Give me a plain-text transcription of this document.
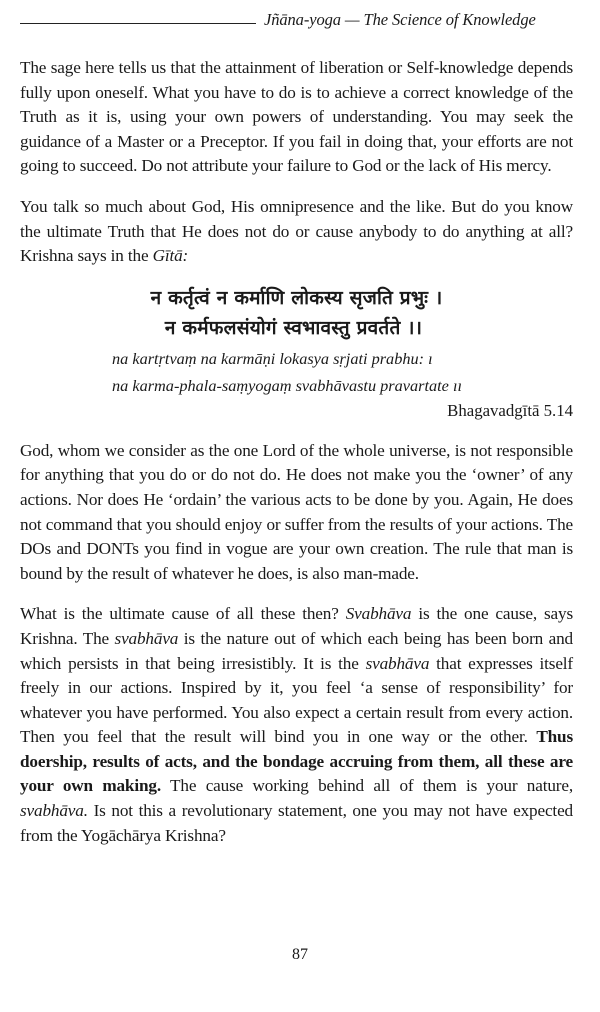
Jñāna-yoga — The Science of Knowledge

The sage here tells us that the attainment of liberation or Self-knowledge depends fully upon oneself. What you have to do is to achieve a correct knowledge of the Truth as it is, using your own powers of understanding. You may seek the guidance of a Master or a Preceptor. If you fail in doing that, your efforts are not going to succeed. Do not attribute your failure to God or the lack of His mercy.

You talk so much about God, His omnipresence and the like. But do you know the ultimate Truth that He does not do or cause anybody to do anything at all? Krishna says in the Gītā:

न कर्तृत्वं न कर्माणि लोकस्य सृजति प्रभुः ।
न कर्मफलसंयोगं स्वभावस्तु प्रवर्तते ।।
na kartṛtvaṃ na karmāṇi lokasya sṛjati prabhu: ı
na karma-phala-saṃyogaṃ svabhāvastu pravartate ıı
Bhagavadgītā 5.14

God, whom we consider as the one Lord of the whole universe, is not responsible for anything that you do or do not do. He does not make you the ‘owner’ of any actions. Nor does He ‘ordain’ the various acts to be done by you. Again, He does not command that you should enjoy or suffer from the results of your actions. The DOs and DONTs you find in vogue are your own creation. The rule that man is bound by the result of whatever he does, is also man-made.

What is the ultimate cause of all these then? Svabhāva is the one cause, says Krishna. The svabhāva is the nature out of which each being has been born and which persists in that being irresistibly. It is the svabhāva that expresses itself freely in our actions. Inspired by it, you feel ‘a sense of responsibility’ for whatever you have performed. You also expect a certain result from every action. Then you feel that the result will bind you in one way or the other. Thus doership, results of acts, and the bondage accruing from them, all these are your own making. The cause working behind all of them is your nature, svabhāva. Is not this a revolutionary statement, one you may not have expected from the Yogāchārya Krishna?

87
